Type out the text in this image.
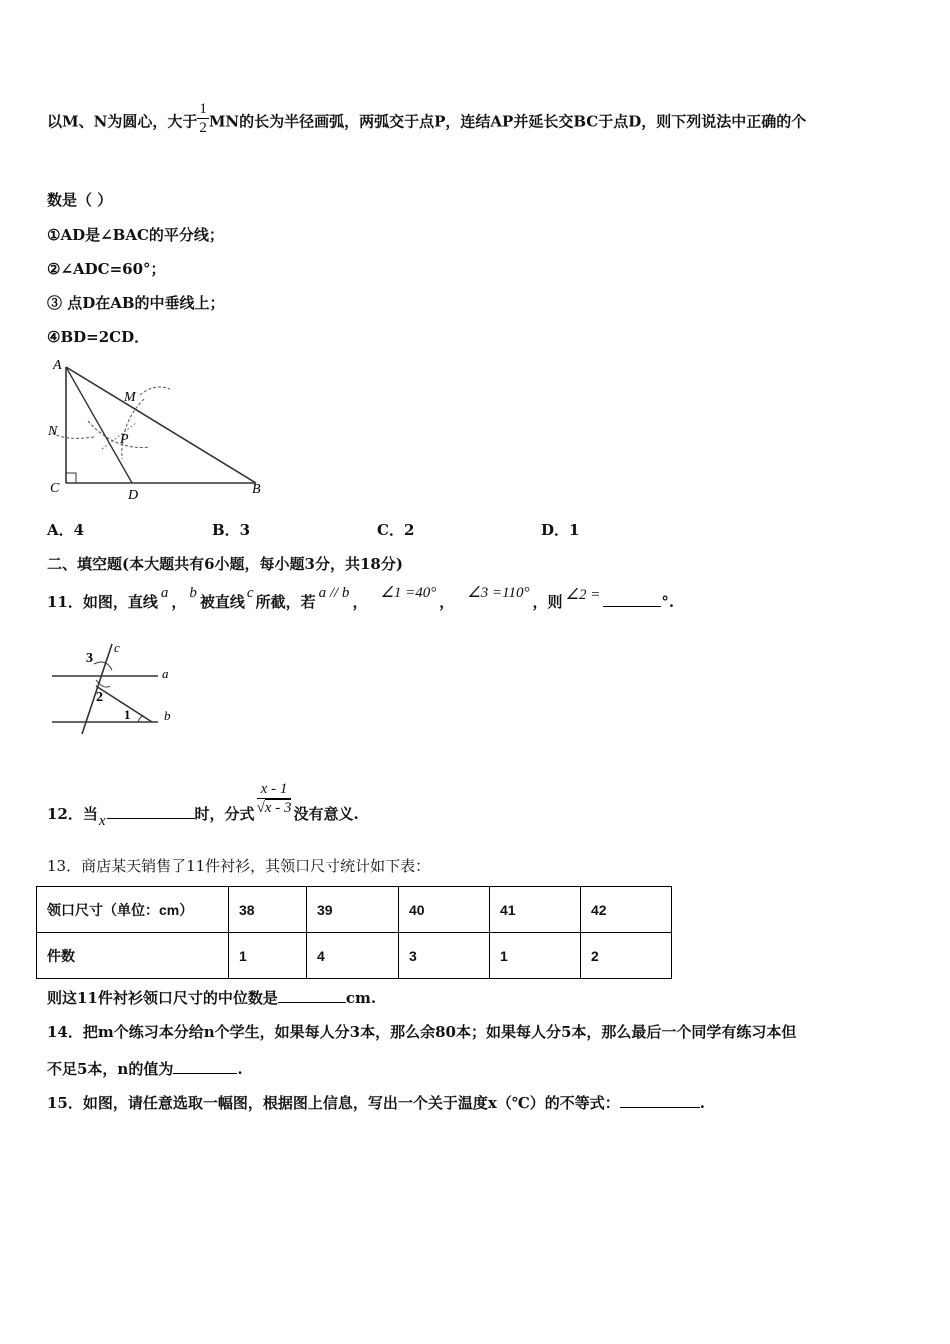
以M、N为圆心，大于 $\frac{1}{2}$ MN的长为半径画弧，两弧交于点P，连结AP并延长交BC于点D，则下列说法中正确的个
数是（ ）
①AD是∠BAC的平分线；
②∠ADC=60°；
③ 点D在AB的中垂线上；
④BD=2CD．
A
M
N
P
C	D	B
A．4	B．3	C．2	D．1
二、填空题(本大题共有6小题，每小题3分，共18分)
11．如图，直线 a ， b 被直线 c 所截，若 a // b ， ∠1 =40° ， ∠3 =110° ，则 ∠2 =	°.
3
c
a
2
1	b
12．当x	时，分式 $\frac{x - 1}{√x - 3}$ 没有意义.
13．商店某天销售了11件衬衫，其领口尺寸统计如下表：
领口尺寸（单位：cm）	38	39	40	41	42
件数	1	4	3	1	2
则这11件衬衫领口尺寸的中位数是	cm.
14．把m个练习本分给n个学生，如果每人分3本，那么余80本；如果每人分5本，那么最后一个同学有练习本但
不足5本，n的值为	.
15．如图，请任意选取一幅图，根据图上信息，写出一个关于温度x（℃）的不等式：	.
